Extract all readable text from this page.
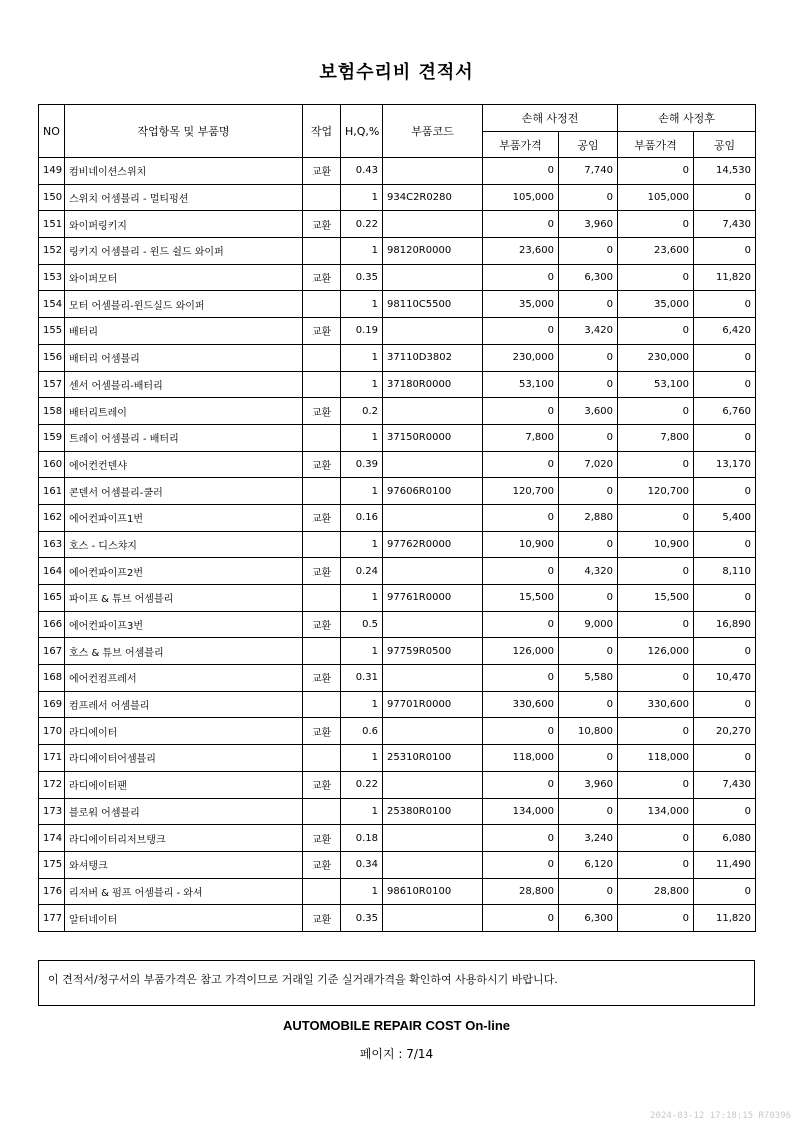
보험수리비 견적서
NO	작업항목 및 부품명	작업	H,Q,%	부품코드	손해 사정전		손해 사정후	
					부품가격	공임	부품가격	공임
149	컴비네이션스위치	교환	0.43		0	7,740	0	14,530
150	스위치 어셈블리 - 멀티펑션		1	934C2R0280	105,000	0	105,000	0
151	와이퍼링키지	교환	0.22		0	3,960	0	7,430
152	링키지 어셈블리 - 윈드 쉴드 와이퍼		1	98120R0000	23,600	0	23,600	0
153	와이퍼모터	교환	0.35		0	6,300	0	11,820
154	모터 어셈블리-윈드실드 와이퍼		1	98110C5500	35,000	0	35,000	0
155	배터리	교환	0.19		0	3,420	0	6,420
156	배터리 어셈블리		1	37110D3802	230,000	0	230,000	0
157	센서 어셈블리-배터리		1	37180R0000	53,100	0	53,100	0
158	배터리트레이	교환	0.2		0	3,600	0	6,760
159	트레이 어셈블리 - 배터리		1	37150R0000	7,800	0	7,800	0
160	에어컨컨덴샤	교환	0.39		0	7,020	0	13,170
161	콘덴서 어셈블리-쿨러		1	97606R0100	120,700	0	120,700	0
162	에어컨파이프1번	교환	0.16		0	2,880	0	5,400
163	호스 - 디스챠지		1	97762R0000	10,900	0	10,900	0
164	에어컨파이프2번	교환	0.24		0	4,320	0	8,110
165	파이프 & 튜브 어셈블리		1	97761R0000	15,500	0	15,500	0
166	에어컨파이프3번	교환	0.5		0	9,000	0	16,890
167	호스 & 튜브 어셈블리		1	97759R0500	126,000	0	126,000	0
168	에어컨컴프레서	교환	0.31		0	5,580	0	10,470
169	컴프레서 어셈블리		1	97701R0000	330,600	0	330,600	0
170	라디에이터	교환	0.6		0	10,800	0	20,270
171	라디에이터어셈블리		1	25310R0100	118,000	0	118,000	0
172	라디에이터팬	교환	0.22		0	3,960	0	7,430
173	블로워 어셈블리		1	25380R0100	134,000	0	134,000	0
174	라디에이터리저브탱크	교환	0.18		0	3,240	0	6,080
175	와셔탱크	교환	0.34		0	6,120	0	11,490
176	리저버 & 펌프 어셈블리 - 와셔		1	98610R0100	28,800	0	28,800	0
177	알터네이터	교환	0.35		0	6,300	0	11,820
이 견적서/청구서의 부품가격은 참고 가격이므로 거래일 기준 실거래가격을 확인하여 사용하시기 바랍니다.
AUTOMOBILE REPAIR COST On-line
페이지 : 7/14
2024-03-12 17:18:15 R70396
